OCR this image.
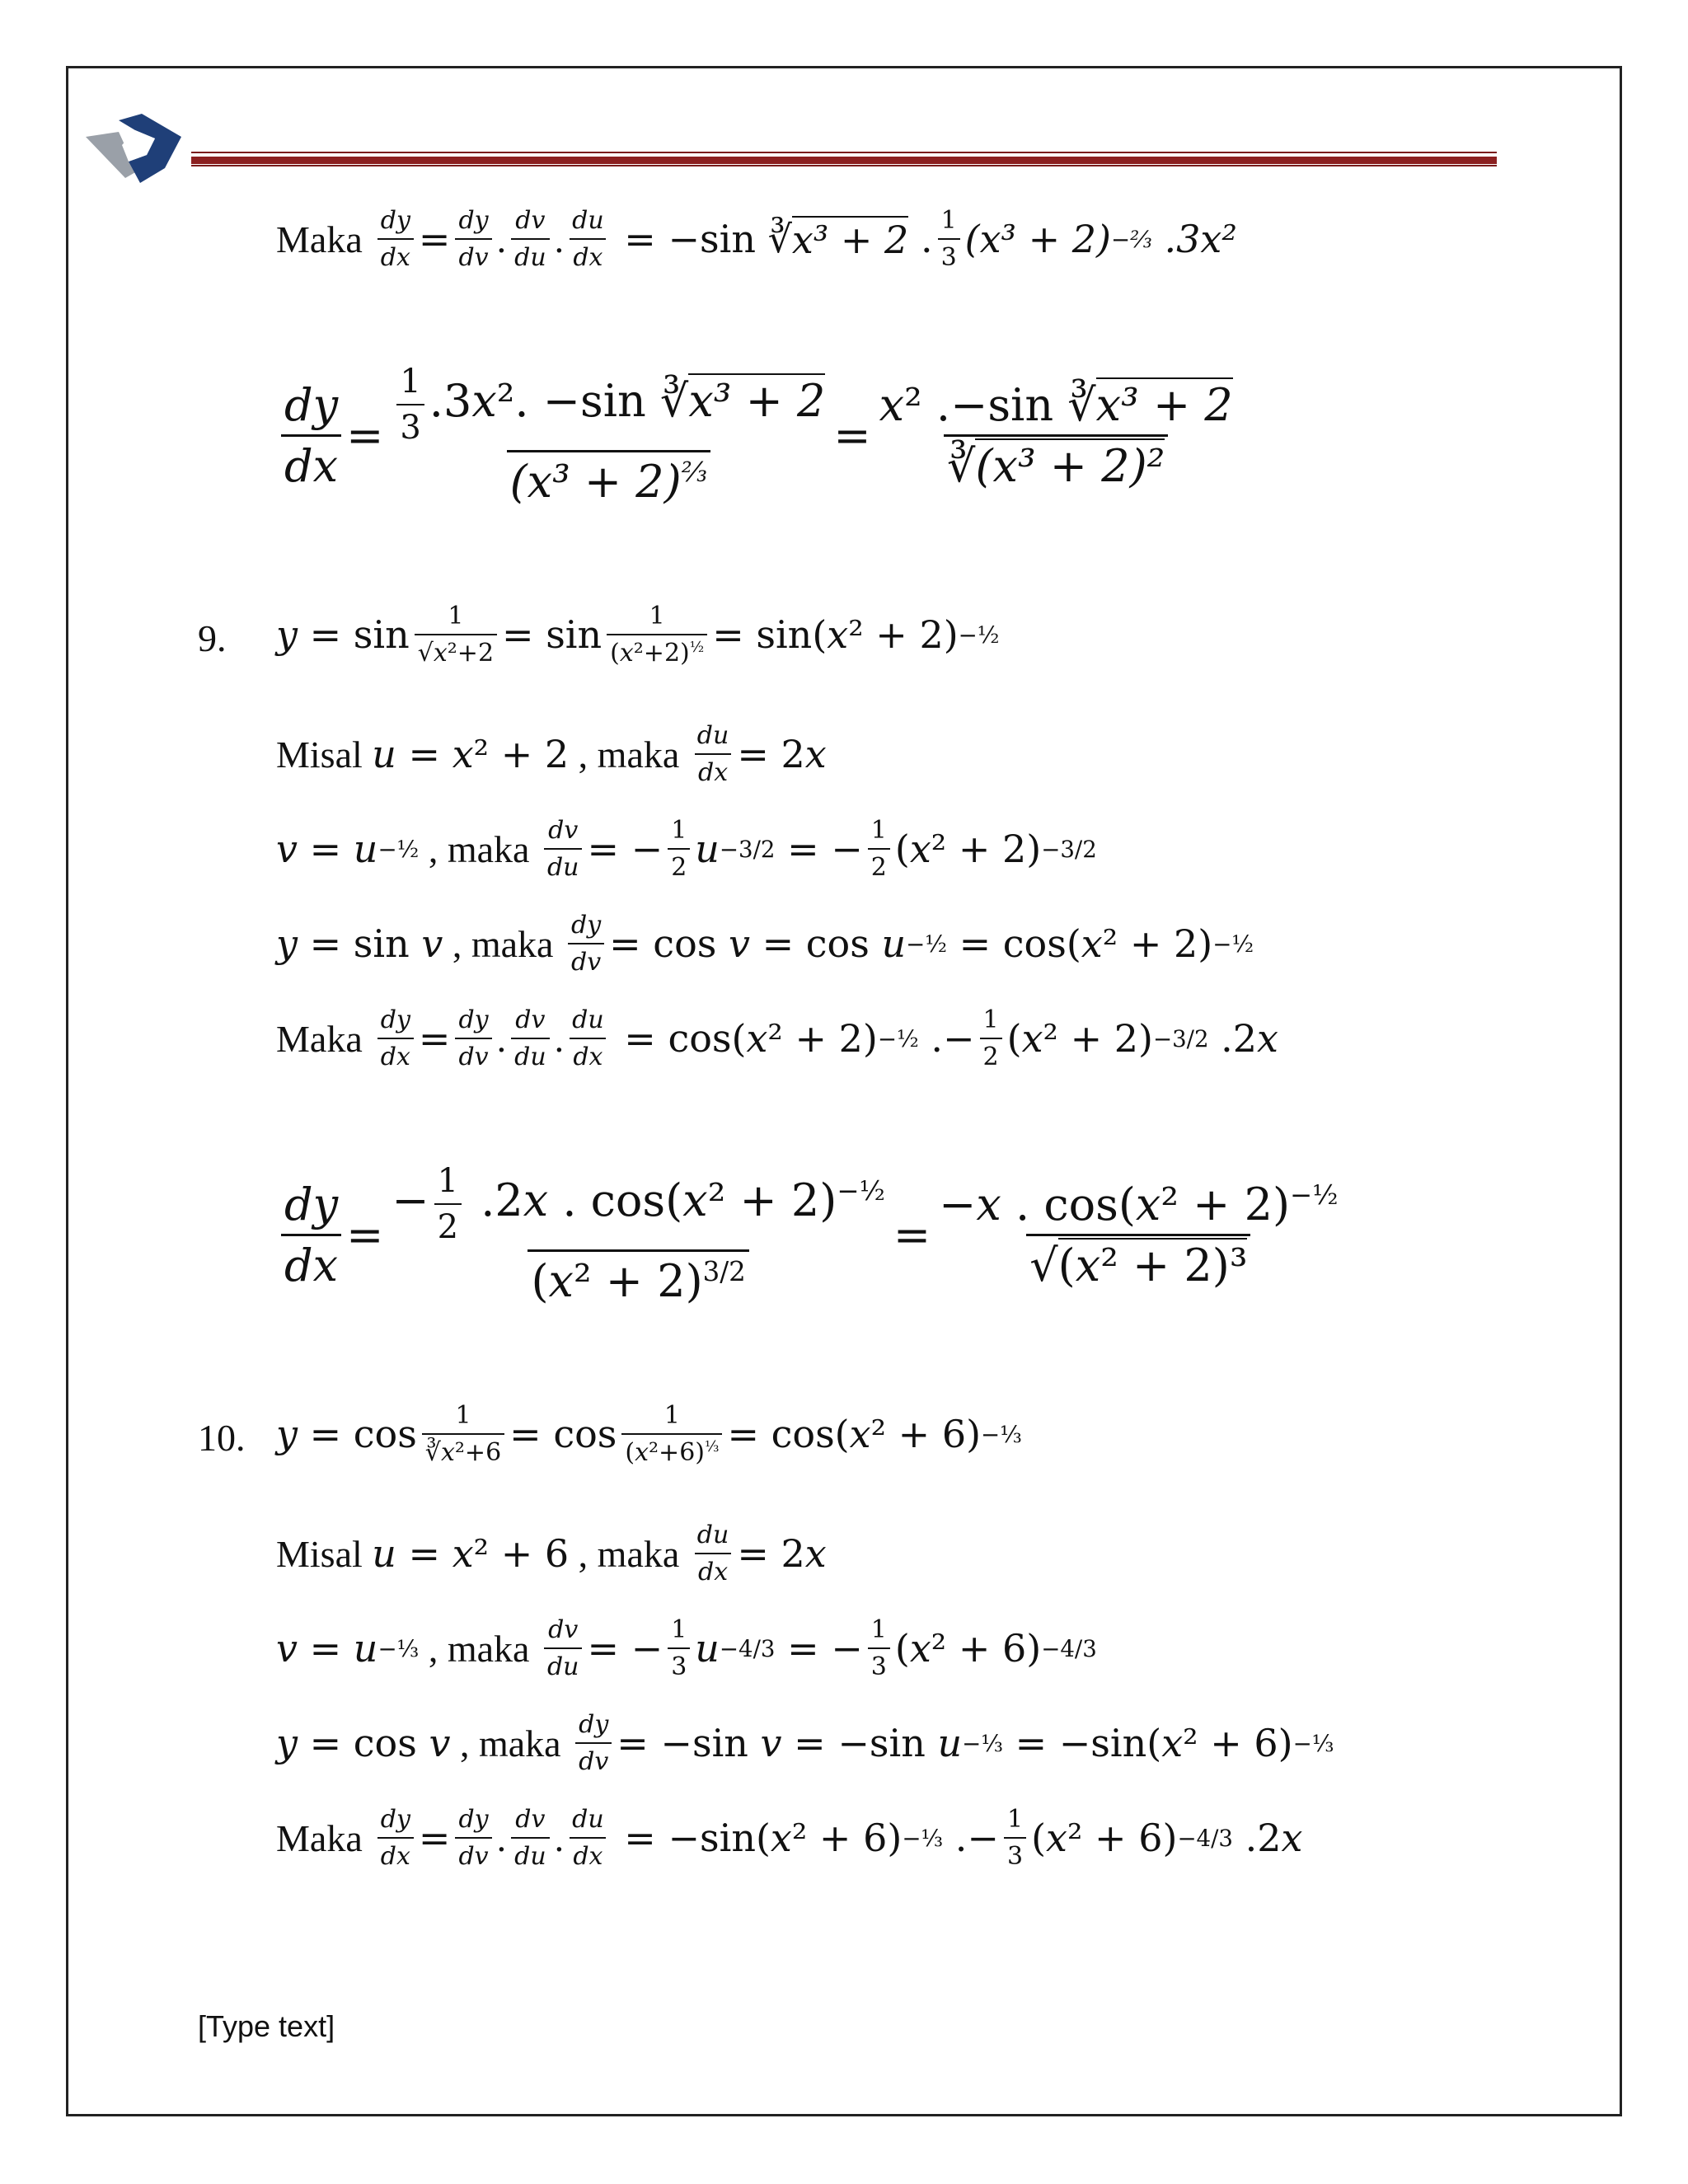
Maka $\frac{dy}{dx} = \frac{dy}{dv}$ . $\frac{dv}{du}$ . $\frac{du}{dx} = -\sin$ ∛ x³ + 2 . $\frac{1}{3} (x^3 + 2)$ −⅔ .3x²
$\frac{dy}{dx} = \frac{\frac{1}{3} .3x^2. -\sin ∛x^3 + 2}{(x^3 + 2)^{\frac{2}{3}}} = \frac{\text{x² .−sin ∛x³ + 2}}{\text{∛(x³ + 2)²}}$
9. $y = \sin \frac{1}{\text{√x²+2}} = \sin \frac{1}{(x^2+2)^{\frac{1}{2}}} = \sin(x^2 + 2)$ −½
Misal
u = x² + 2 , maka $\frac{du}{dx} = 2x$
v = u −½ , maka $\frac{dv}{du}$ = − $\frac{1}{2}$ u −3/2 = − $\frac{1}{2} (x^2 + 2) -3/2$
y = sin v , maka $\frac{dy}{dv} = \cos v = \cos u$ −½ = cos(x² + 2) −½
Maka $\frac{dy}{dx} = \frac{dy}{dv}$ . $\frac{dv}{du}$ . $\frac{du}{dx} = \cos(x^2 + 2)$ −½ .− $\frac{1}{2} (x^2 + 2) -3/2$ .2x
$\frac{dy}{dx} = \frac{- \frac{1}{2} .2x . \cos(x^2 + 2)^{-\frac{1}{2}}}{(x^2 + 2)^{3/2}} = \frac{-x . \cos(x^2 + 2)^{-\frac{1}{2}}}{\text{√(x² + 2)³}}$
10. $y = \cos \frac{1}{\text{∛x²+6}} = \cos \frac{1}{(x^2+6)^{\frac{1}{3}}} = \cos(x^2 + 6)$ −⅓
Misal
u = x² + 6 , maka $\frac{du}{dx} = 2x$
v = u −⅓ , maka $\frac{dv}{du}$ = − $\frac{1}{3}$ u −4/3 = − $\frac{1}{3} (x^2 + 6) -4/3$
y = cos v , maka $\frac{dy}{dv} = -\sin$ v = −sin u −⅓ = −sin(x² + 6) −⅓
Maka $\frac{dy}{dx} = \frac{dy}{dv}$ . $\frac{dv}{du}$ . $\frac{du}{dx} = -\sin(x^2 + 6)$ −⅓ .− $\frac{1}{3} (x^2 + 6) -4/3$ .2x
[Type text]
